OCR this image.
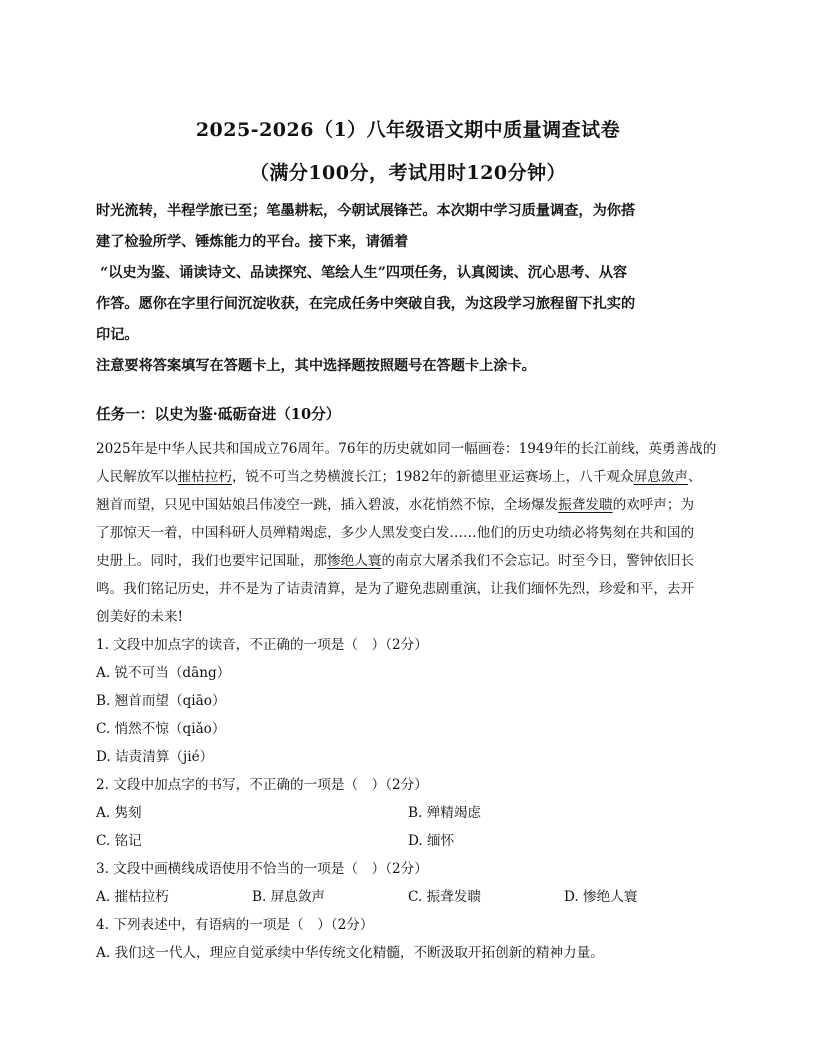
2025-2026（1）八年级语文期中质量调查试卷
（满分100分，考试用时120分钟）
时光流转，半程学旅已至；笔墨耕耘，今朝试展锋芒。本次期中学习质量调查，为你搭
建了检验所学、锤炼能力的平台。接下来，请循着
“以史为鉴、诵读诗文、品读探究、笔绘人生”四项任务，认真阅读、沉心思考、从容
作答。愿你在字里行间沉淀收获，在完成任务中突破自我，为这段学习旅程留下扎实的
印记。
注意要将答案填写在答题卡上，其中选择题按照题号在答题卡上涂卡。
任务一：以史为鉴·砥砺奋进（10分）
2025年是中华人民共和国成立76周年。76年的历史就如同一幅画卷：1949年的长江前线，英勇善战的
人民解放军以摧枯拉朽，锐不可当之势横渡长江；1982年的新德里亚运赛场上，八千观众屏息敛声、
翘首而望，只见中国姑娘吕伟凌空一跳，插入碧波，水花悄然不惊，全场爆发振聋发聩的欢呼声；为
了那惊天一着，中国科研人员殚精竭虑，多少人黑发变白发……他们的历史功绩必将隽刻在共和国的
史册上。同时，我们也要牢记国耻，那惨绝人寰的南京大屠杀我们不会忘记。时至今日，警钟依旧长
鸣。我们铭记历史，并不是为了诘责清算，是为了避免悲剧重演，让我们缅怀先烈，珍爱和平，去开
创美好的未来!
1. 文段中加点字的读音，不正确的一项是（　）（2分）
A. 锐不可当（dāng）
B. 翘首而望（qiāo）
C. 悄然不惊（qiǎo）
D. 诘责清算（jié）
2. 文段中加点字的书写，不正确的一项是（　）（2分）
A. 隽刻	B. 殚精竭虑
C. 铭记	D. 缅怀
3. 文段中画横线成语使用不恰当的一项是（　）（2分）
A. 摧枯拉朽	B. 屏息敛声	C. 振聋发聩	D. 惨绝人寰
4. 下列表述中，有语病的一项是（　）（2分）
A. 我们这一代人，理应自觉承续中华传统文化精髓，不断汲取开拓创新的精神力量。
